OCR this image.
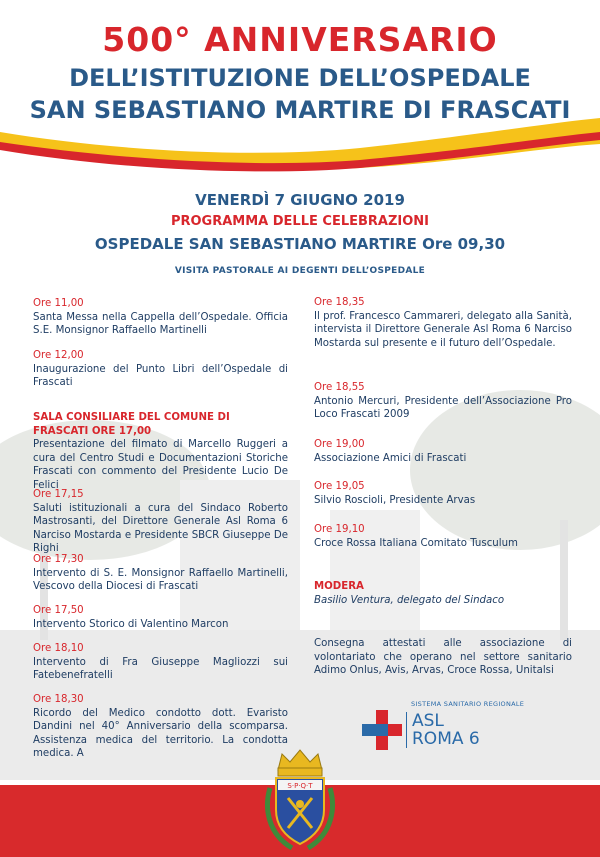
500° ANNIVERSARIO
DELL’ISTITUZIONE DELL’OSPEDALE
SAN SEBASTIANO MARTIRE DI FRASCATI
VENERDÌ 7 GIUGNO 2019
PROGRAMMA DELLE CELEBRAZIONI
OSPEDALE SAN SEBASTIANO MARTIRE Ore 09,30
VISITA PASTORALE AI DEGENTI DELL’OSPEDALE
Ore 11,00
Santa Messa nella Cappella dell’Ospedale. Officia S.E. Monsignor Raffaello Martinelli
Ore 12,00
Inaugurazione del Punto Libri dell’Ospedale di Frascati
SALA CONSILIARE DEL COMUNE DI FRASCATI ORE 17,00
Presentazione del filmato di Marcello Ruggeri a cura del Centro Studi e Documentazioni Storiche Frascati con commento del Presidente Lucio De Felici
Ore 17,15
Saluti istituzionali a cura del Sindaco Roberto Mastrosanti, del Direttore Generale Asl Roma 6 Narciso Mostarda e Presidente SBCR Giuseppe De Righi
Ore 17,30
Intervento di S. E. Monsignor Raffaello Martinelli, Vescovo della Diocesi di Frascati
Ore 17,50
Intervento Storico di Valentino Marcon
Ore 18,10
Intervento di Fra Giuseppe Magliozzi sui Fatebenefratelli
Ore 18,30
Ricordo del Medico condotto dott. Evaristo Dandini nel 40° Anniversario della scomparsa. Assistenza medica del territorio. La condotta medica. A
Ore 18,35
Il prof. Francesco Cammareri, delegato alla Sanità, intervista il Direttore Generale Asl Roma 6 Narciso Mostarda sul presente e il futuro dell’Ospedale.
Ore 18,55
Antonio Mercuri, Presidente dell’Associazione Pro Loco Frascati 2009
Ore 19,00
Associazione Amici di Frascati
Ore 19,05
Silvio Roscioli, Presidente Arvas
Ore 19,10
Croce Rossa Italiana Comitato Tusculum
MODERA
Basilio Ventura, delegato del Sindaco
Consegna attestati alle associazione di volontariato che operano nel settore sanitario Adimo Onlus, Avis, Arvas, Croce Rossa, Unitalsi
SISTEMA SANITARIO REGIONALE
ASL
ROMA 6
S·P·Q·T
